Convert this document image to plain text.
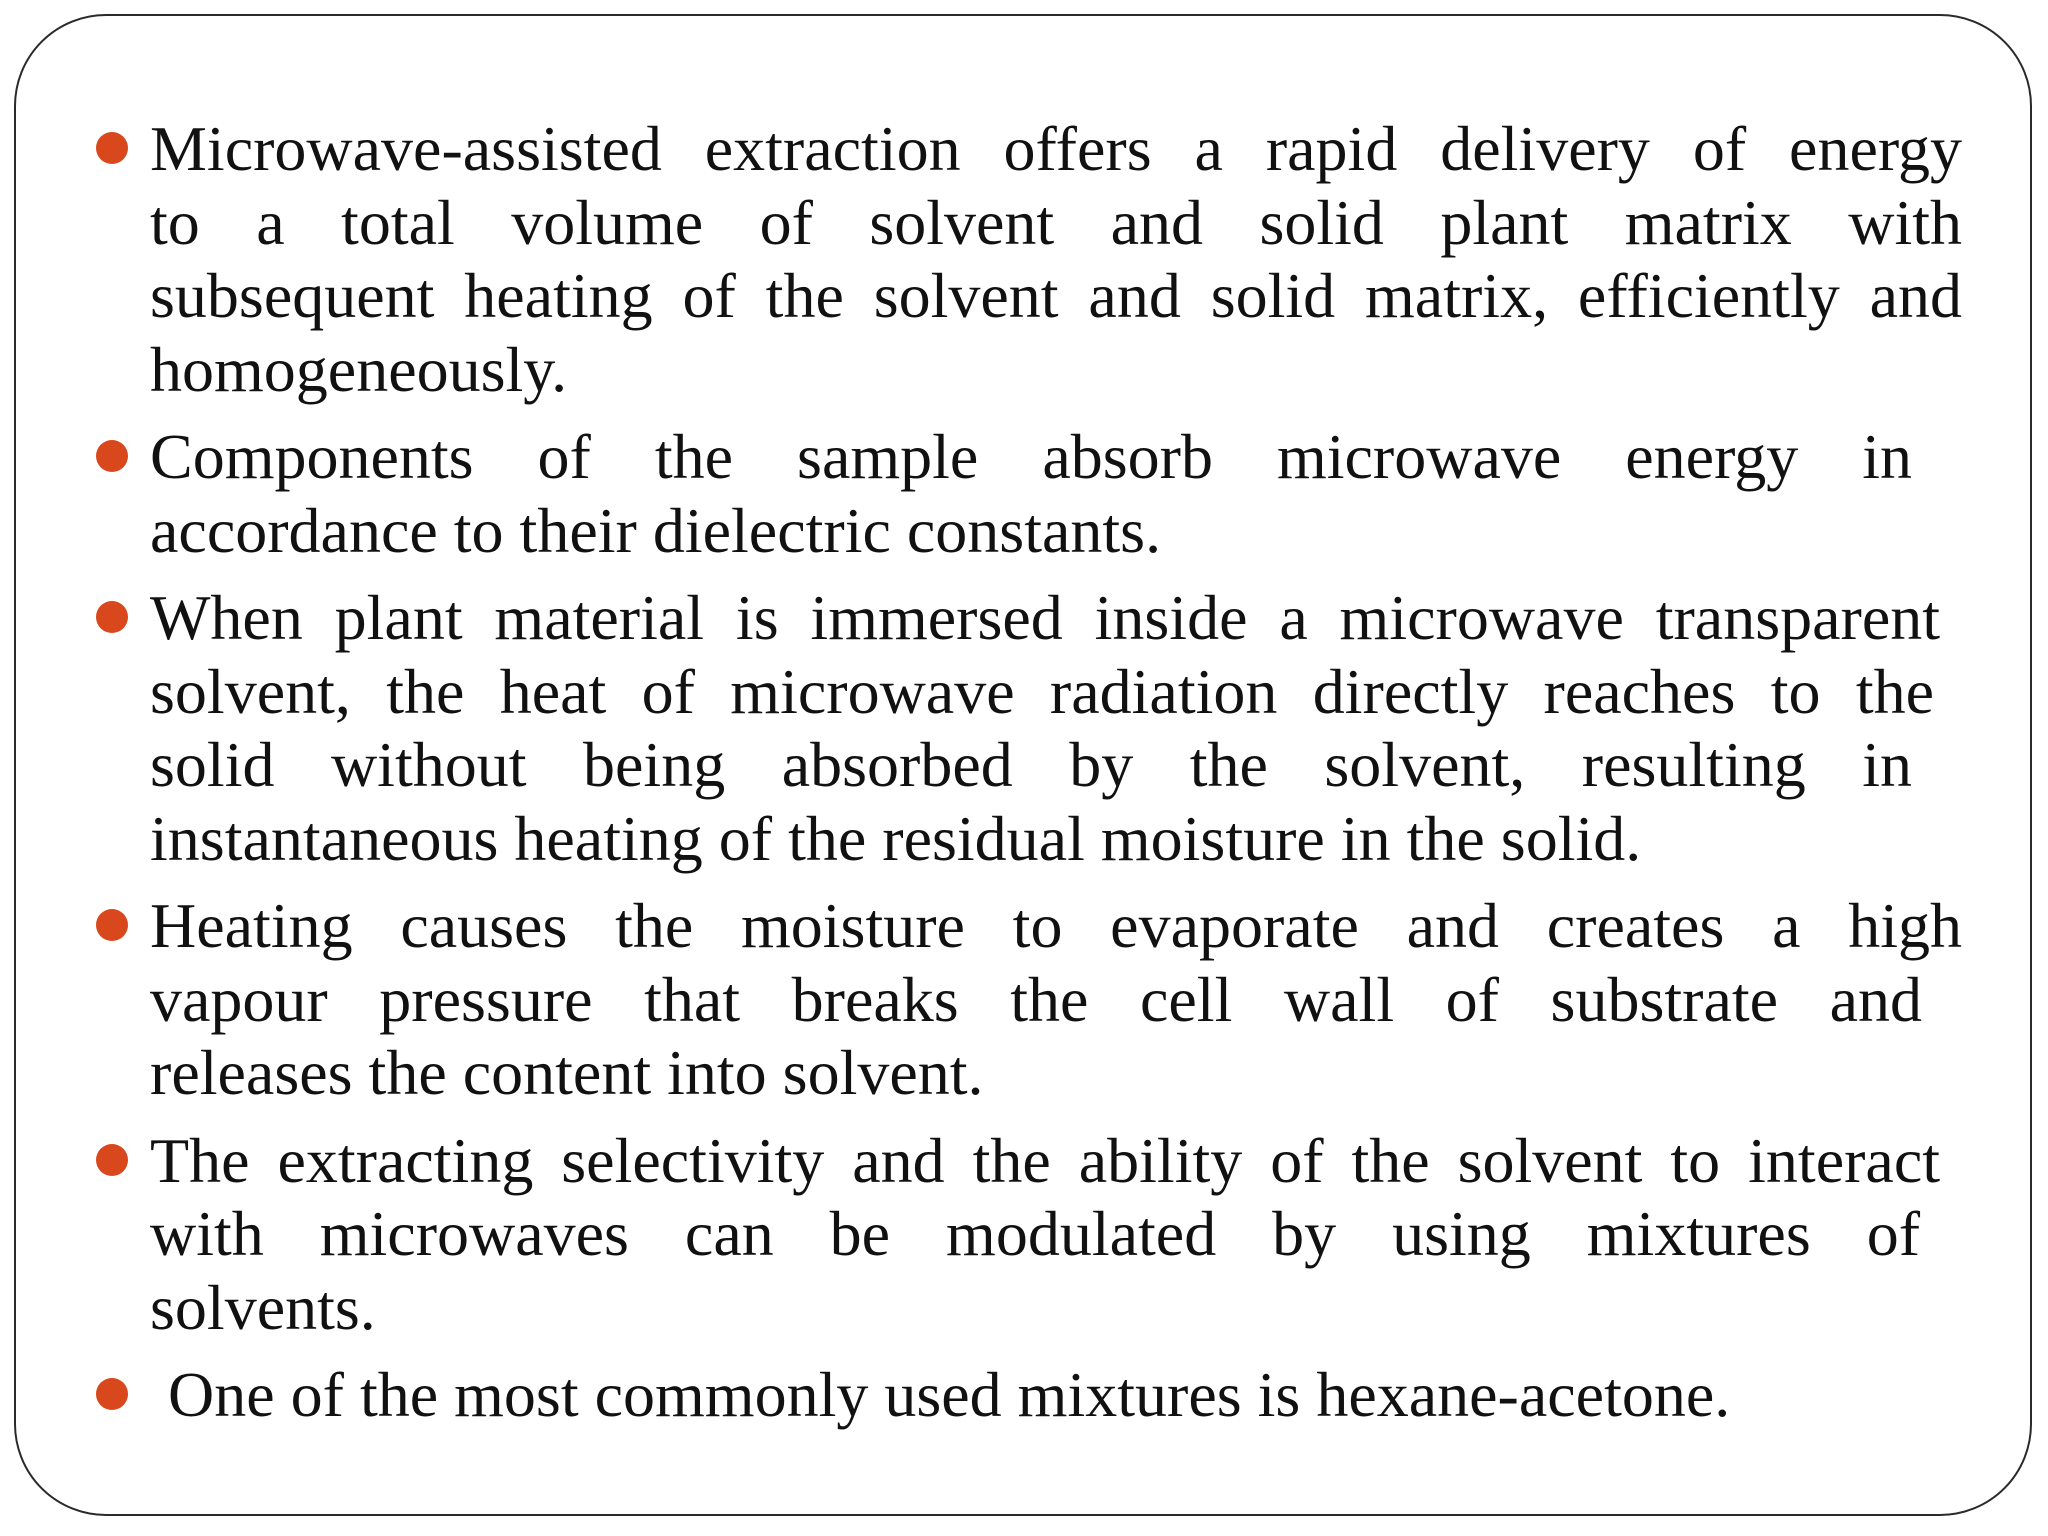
Microwave-assisted extraction offers a rapid delivery of energy
to a total volume of solvent and solid plant matrix with
subsequent heating of the solvent and solid matrix, efficiently and
homogeneously.
Components of the sample absorb microwave energy in
accordance to their dielectric constants.
When plant material is immersed inside a microwave transparent
solvent, the heat of microwave radiation directly reaches to the
solid without being absorbed by the solvent, resulting in
instantaneous heating of the residual moisture in the solid.
Heating causes the moisture to evaporate and creates a high
vapour pressure that breaks the cell wall of substrate and
releases the content into solvent.
The extracting selectivity and the ability of the solvent to interact
with microwaves can be modulated by using mixtures of
solvents.
One of the most commonly used mixtures is hexane-acetone.
